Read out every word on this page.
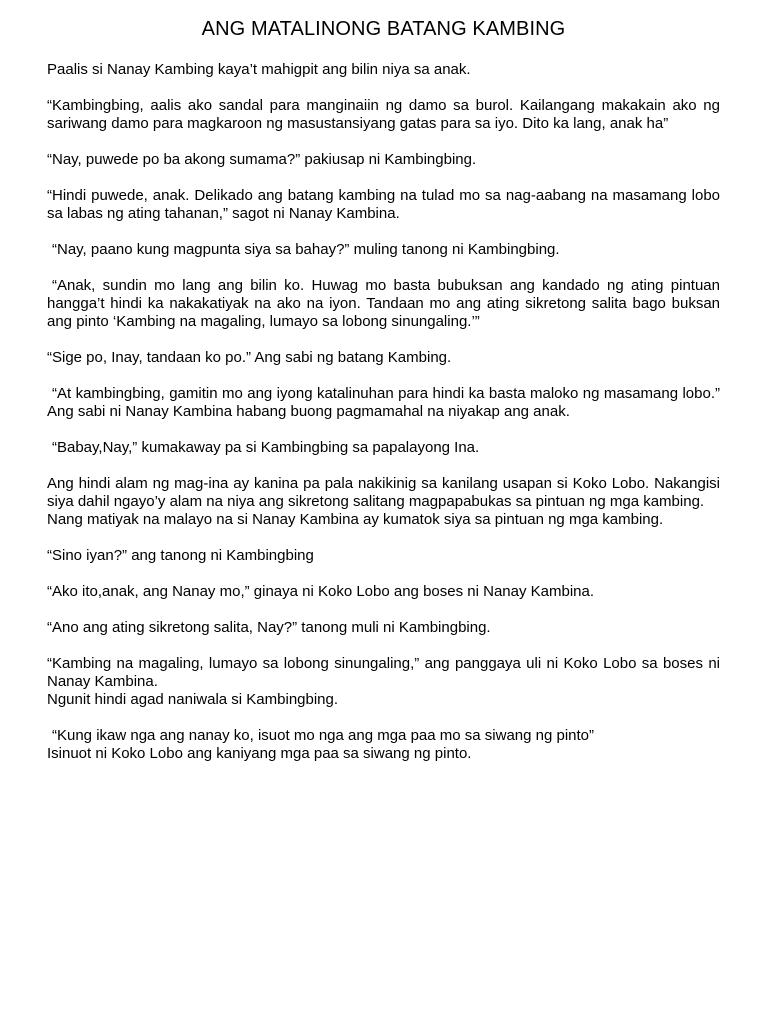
ANG MATALINONG BATANG KAMBING

Paalis si Nanay Kambing kaya’t mahigpit ang bilin niya sa anak.

“Kambingbing, aalis ako sandal para manginaiin ng damo sa burol. Kailangang makakain ako ng sariwang damo para magkaroon ng masustansiyang gatas para sa iyo. Dito ka lang, anak ha”

“Nay, puwede po ba akong sumama?” pakiusap ni Kambingbing.

“Hindi puwede, anak. Delikado ang batang kambing na tulad mo sa nag-aabang na masamang lobo sa labas ng ating tahanan,” sagot ni Nanay Kambina.

“Nay, paano kung magpunta siya sa bahay?” muling tanong ni Kambingbing.

“Anak, sundin mo lang ang bilin ko. Huwag mo basta bubuksan ang kandado ng ating pintuan hangga’t hindi ka nakakatiyak na ako na iyon. Tandaan mo ang ating sikretong salita bago buksan ang pinto ‘Kambing na magaling, lumayo sa lobong sinungaling.’”

“Sige po, Inay, tandaan ko po.” Ang sabi ng batang Kambing.

“At kambingbing, gamitin mo ang iyong katalinuhan para hindi ka basta maloko ng masamang lobo.” Ang sabi ni Nanay Kambina habang buong pagmamahal na niyakap ang anak.

“Babay,Nay,” kumakaway pa si Kambingbing sa papalayong Ina.

Ang hindi alam ng mag-ina ay kanina pa pala nakikinig sa kanilang usapan si Koko Lobo. Nakangisi siya dahil ngayo’y alam na niya ang sikretong salitang magpapabukas sa pintuan ng mga kambing.

Nang matiyak na malayo na si Nanay Kambina ay kumatok siya sa pintuan ng mga kambing.

“Sino iyan?” ang tanong ni Kambingbing

“Ako ito,anak, ang Nanay mo,” ginaya ni Koko Lobo ang boses ni Nanay Kambina.

“Ano ang ating sikretong salita, Nay?” tanong muli ni Kambingbing.

“Kambing na magaling, lumayo sa lobong sinungaling,” ang panggaya uli ni Koko Lobo sa boses ni Nanay Kambina.

Ngunit hindi agad naniwala si Kambingbing.

“Kung ikaw nga ang nanay ko, isuot mo nga ang mga paa mo sa siwang ng pinto”

Isinuot ni Koko Lobo ang kaniyang mga paa sa siwang ng pinto.
